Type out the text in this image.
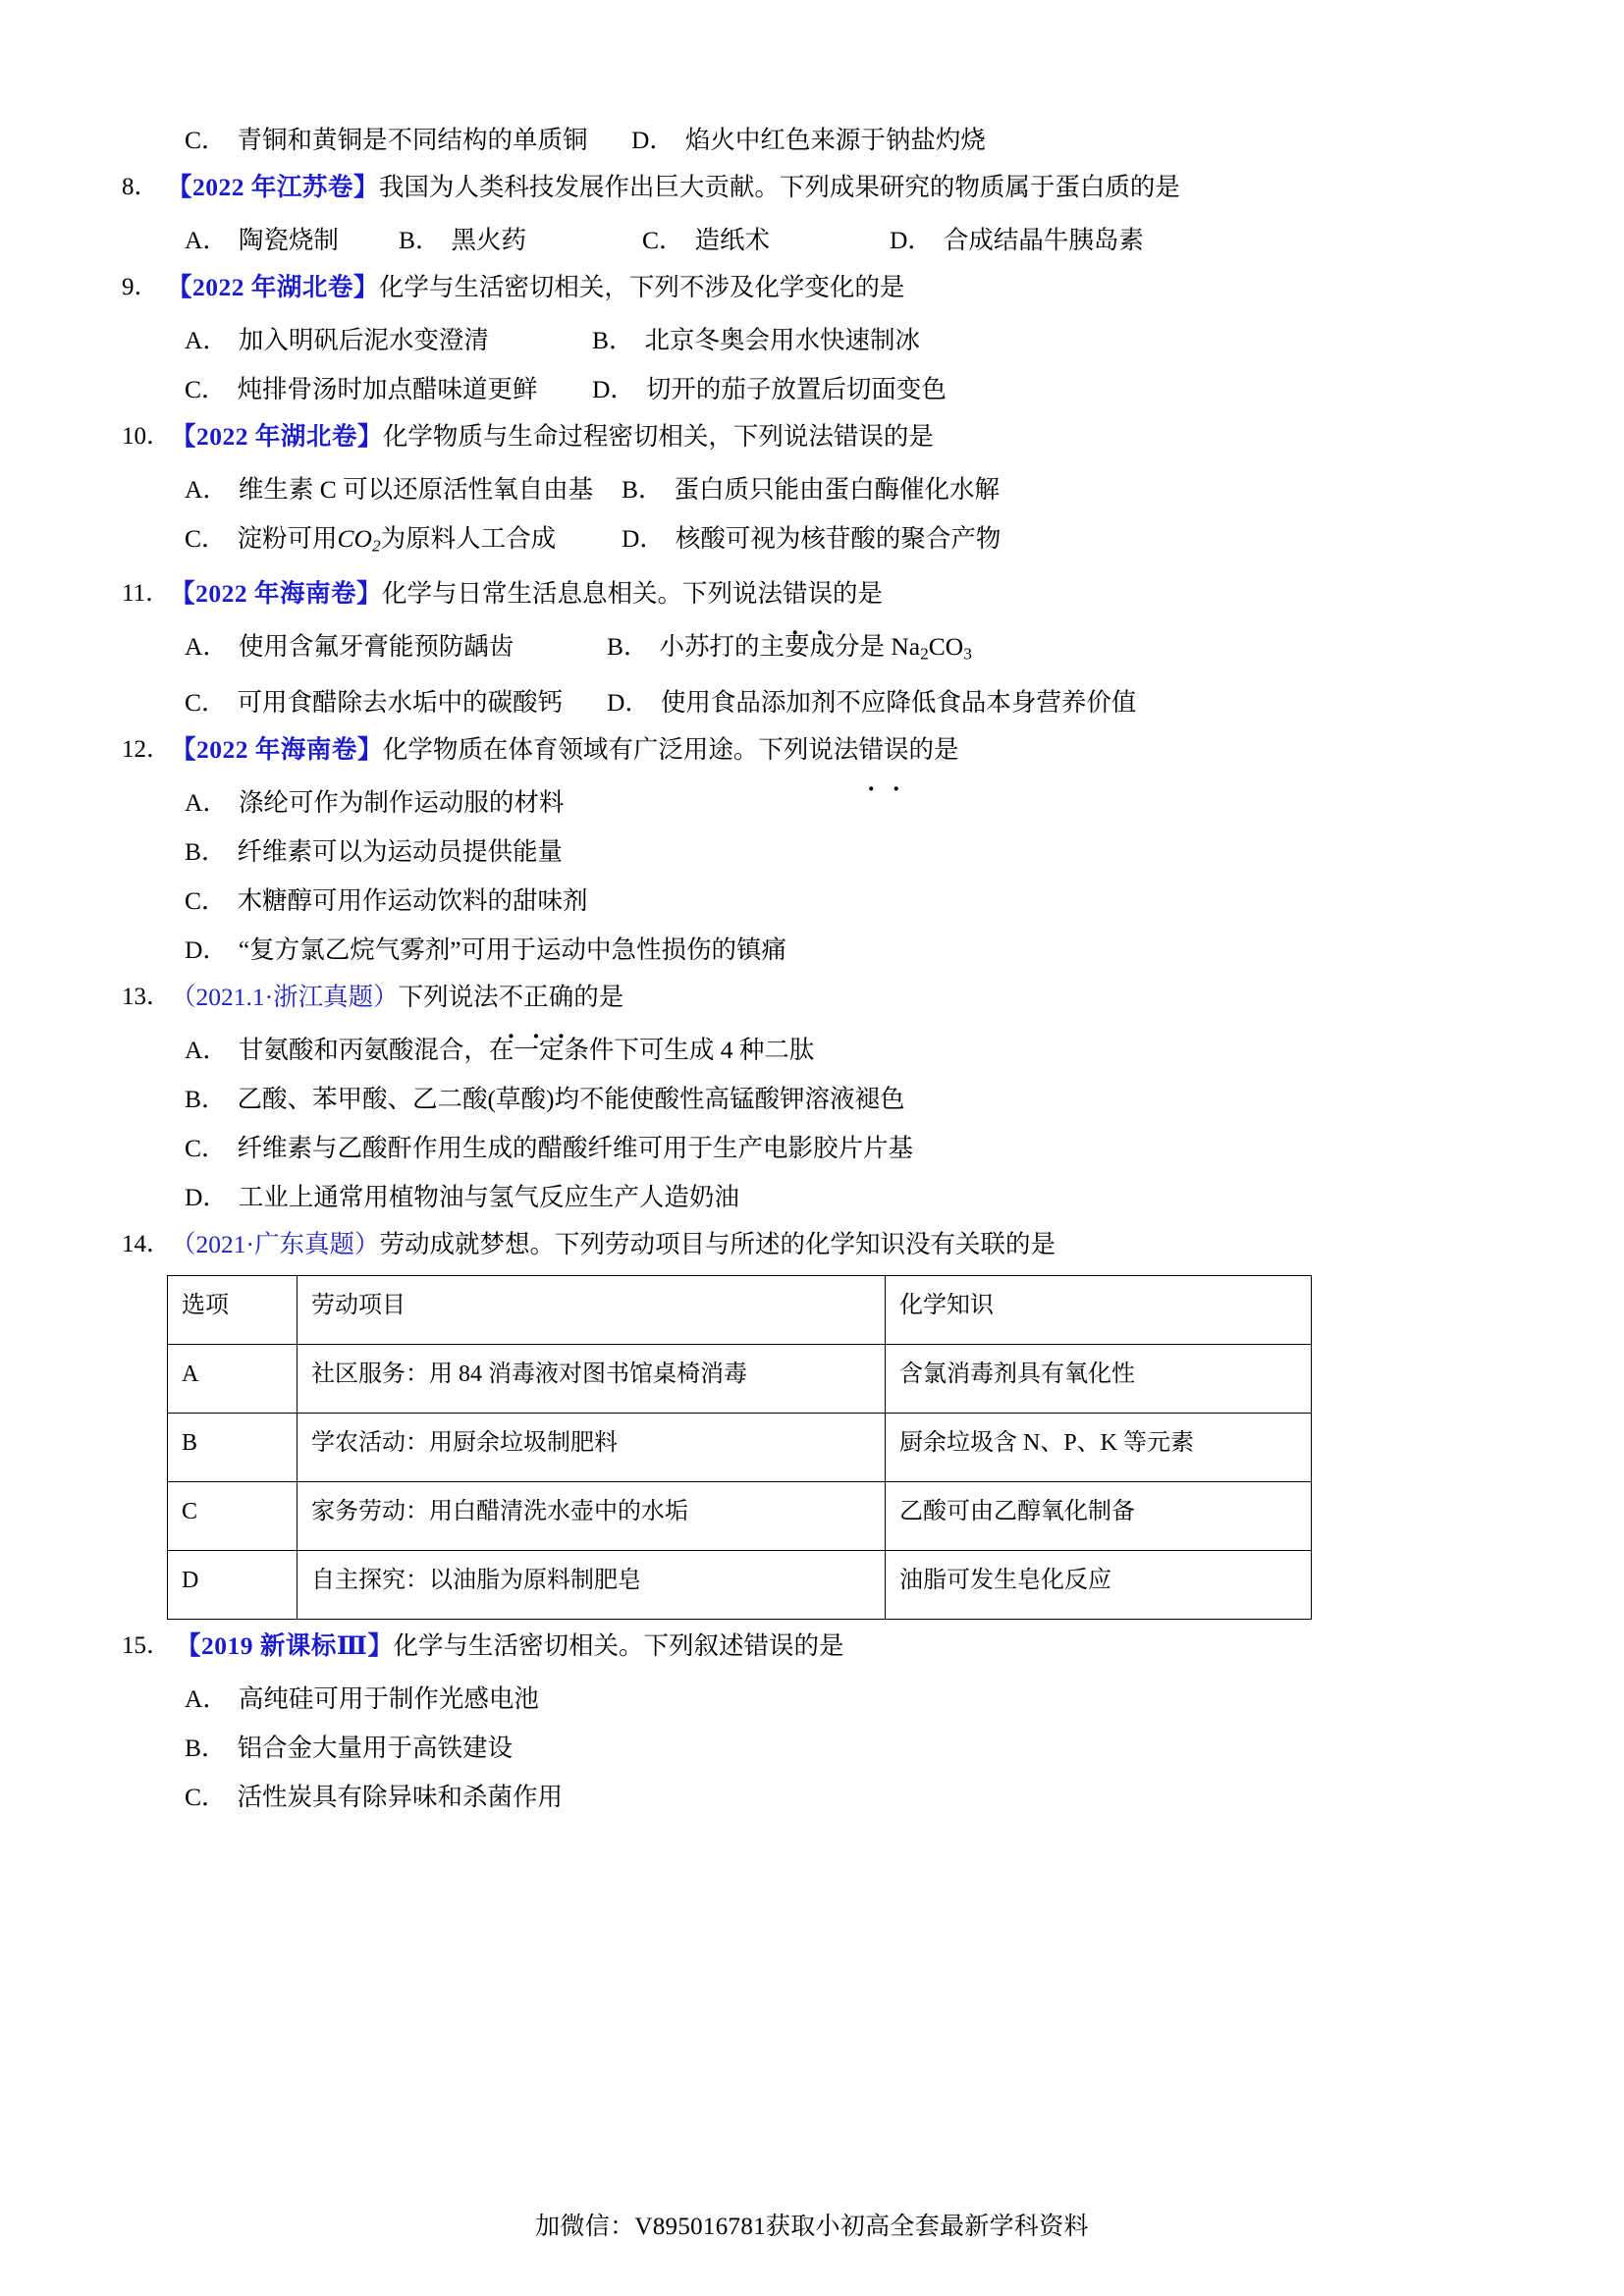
C． 青铜和黄铜是不同结构的单质铜 D． 焰火中红色来源于钠盐灼烧
8． 【2022 年江苏卷】我国为人类科技发展作出巨大贡献。下列成果研究的物质属于蛋白质的是
A． 陶瓷烧制 B． 黑火药	C． 造纸术	D． 合成结晶牛胰岛素
9． 【2022 年湖北卷】化学与生活密切相关，下列不涉及化学变化的是
A． 加入明矾后泥水变澄清	B． 北京冬奥会用水快速制冰
C． 炖排骨汤时加点醋味道更鲜 D． 切开的茄子放置后切面变色
10． 【2022 年湖北卷】化学物质与生命过程密切相关，下列说法错误的是
A． 维生素 C 可以还原活性氧自由基 B． 蛋白质只能由蛋白酶催化水解
C． 淀粉可用$CO_2$为原料人工合成	D． 核酸可视为核苷酸的聚合产物
11． 【2022 年海南卷】化学与日常生活息息相关。下列说法错误的是
A． 使用含氟牙膏能预防龋齿	B． 小苏打的主要成分是 $Na_2CO_3$
C． 可用食醋除去水垢中的碳酸钙 D． 使用食品添加剂不应降低食品本身营养价值
12． 【2022 年海南卷】化学物质在体育领域有广泛用途。下列说法错误的是
A． 涤纶可作为制作运动服的材料
B． 纤维素可以为运动员提供能量
C． 木糖醇可用作运动饮料的甜味剂
D． “复方氯乙烷气雾剂”可用于运动中急性损伤的镇痛
13． （2021.1·浙江真题）下列说法不正确的是
A． 甘氨酸和丙氨酸混合，在一定条件下可生成 4 种二肽
B． 乙酸、苯甲酸、乙二酸(草酸)均不能使酸性高锰酸钾溶液褪色
C． 纤维素与乙酸酐作用生成的醋酸纤维可用于生产电影胶片片基
D． 工业上通常用植物油与氢气反应生产人造奶油
14． （2021·广东真题）劳动成就梦想。下列劳动项目与所述的化学知识没有关联的是
选项	劳动项目	化学知识
A	社区服务：用 84 消毒液对图书馆桌椅消毒	含氯消毒剂具有氧化性
B	学农活动：用厨余垃圾制肥料	厨余垃圾含 N、P、K 等元素
C	家务劳动：用白醋清洗水壶中的水垢	乙酸可由乙醇氧化制备
D	自主探究：以油脂为原料制肥皂	油脂可发生皂化反应
15． 【2019 新课标Ⅲ】化学与生活密切相关。下列叙述错误的是
A． 高纯硅可用于制作光感电池
B． 铝合金大量用于高铁建设
C． 活性炭具有除异味和杀菌作用
加微信：V895016781获取小初高全套最新学科资料
